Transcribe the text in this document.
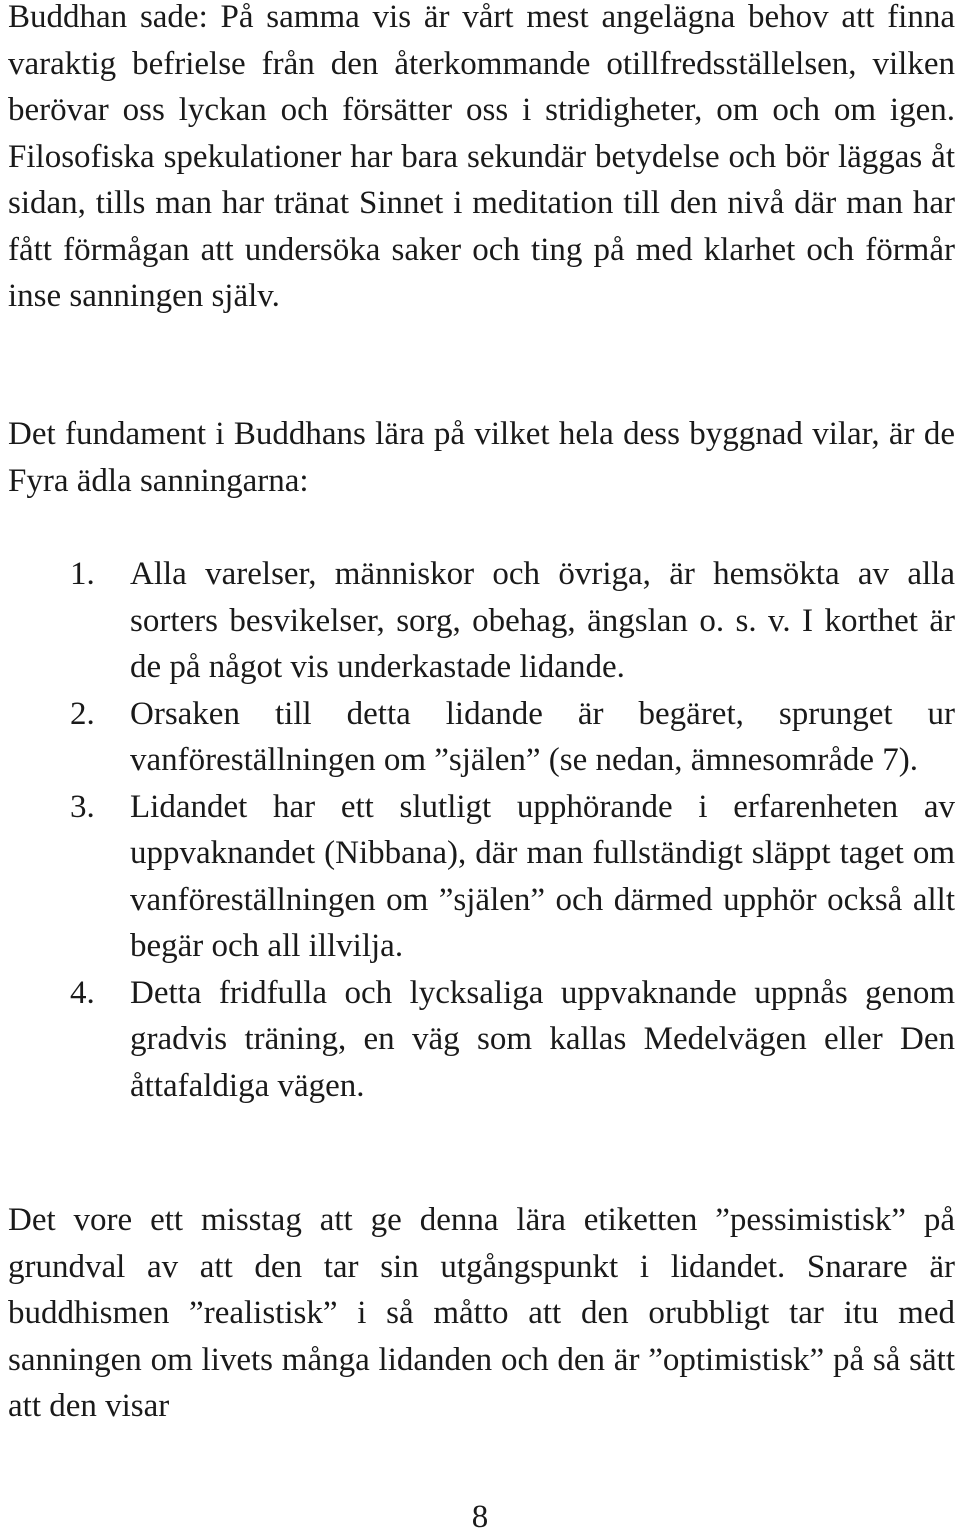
Buddhan sade: På samma vis är vårt mest angelägna behov att finna varaktig befrielse från den återkommande otillfredsställelsen, vilken berövar oss lyckan och försätter oss i stridigheter, om och om igen. Filosofiska spekulationer har bara sekundär betydelse och bör läggas åt sidan, tills man har tränat Sinnet i meditation till den nivå där man har fått förmågan att undersöka saker och ting på med klarhet och förmår inse sanningen själv.

Det fundament i Buddhans lära på vilket hela dess byggnad vilar, är de Fyra ädla sanningarna:

1.	Alla varelser, människor och övriga, är hemsökta av alla sorters besvikelser, sorg, obehag, ängslan o. s. v. I korthet är de på något vis underkastade lidande.
2.	Orsaken till detta lidande är begäret, sprunget ur vanföreställningen om ”själen” (se nedan, ämnesområde 7).
3.	Lidandet har ett slutligt upphörande i erfarenheten av uppvaknandet (Nibbana), där man fullständigt släppt taget om vanföreställningen om ”själen” och därmed upphör också allt begär och all illvilja.
4.	Detta fridfulla och lycksaliga uppvaknande uppnås genom gradvis träning, en väg som kallas Medelvägen eller Den åttafaldiga vägen.

Det vore ett misstag att ge denna lära etiketten ”pessimistisk” på grundval av att den tar sin utgångspunkt i lidandet. Snarare är buddhismen ”realistisk” i så måtto att den orubbligt tar itu med sanningen om livets många lidanden och den är ”optimistisk” på så sätt att den visar

8
